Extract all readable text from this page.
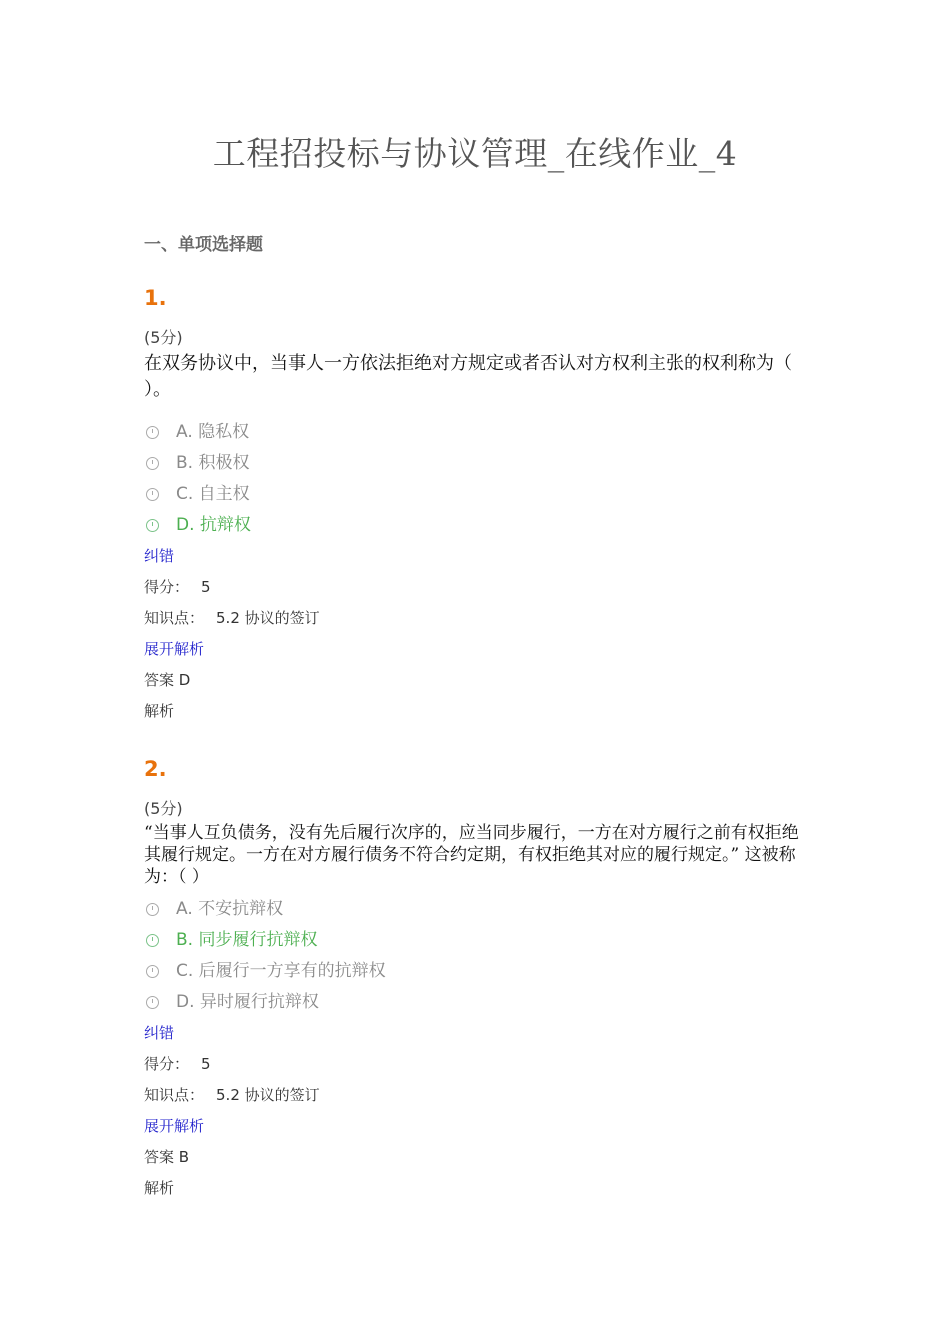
工程招投标与协议管理_在线作业_4
一、单项选择题
1.
(5分)
在双务协议中，当事人一方依法拒绝对方规定或者否认对方权利主张的权利称为（ ）。
A. 隐私权
B. 积极权
C. 自主权
D. 抗辩权
纠错
得分： 5
知识点： 5.2 协议的签订
展开解析
答案 D
解析
2.
(5分)
“当事人互负债务，没有先后履行次序的，应当同步履行，一方在对方履行之前有权拒绝其履行规定。一方在对方履行债务不符合约定期，有权拒绝其对应的履行规定。” 这被称为：（ ）
A. 不安抗辩权
B. 同步履行抗辩权
C. 后履行一方享有的抗辩权
D. 异时履行抗辩权
纠错
得分： 5
知识点： 5.2 协议的签订
展开解析
答案 B
解析
